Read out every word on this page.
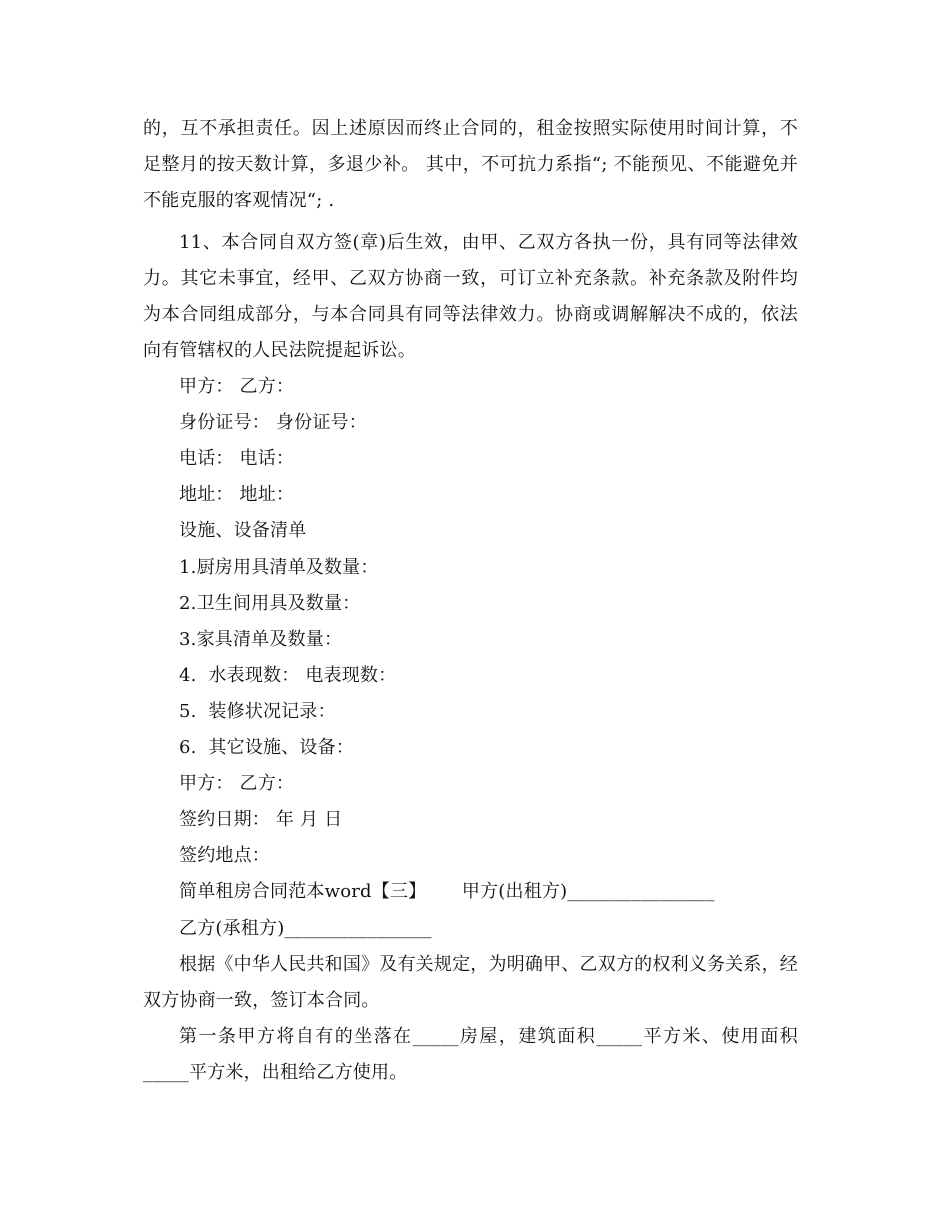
的，互不承担责任。因上述原因而终止合同的，租金按照实际使用时间计算，不足整月的按天数计算，多退少补。 其中，不可抗力系指“; 不能预见、不能避免并不能克服的客观情况“; .

11、本合同自双方签(章)后生效，由甲、乙双方各执一份，具有同等法律效力。其它未事宜，经甲、乙双方协商一致，可订立补充条款。补充条款及附件均为本合同组成部分，与本合同具有同等法律效力。协商或调解解决不成的，依法向有管辖权的人民法院提起诉讼。

甲方： 乙方：

身份证号： 身份证号：

电话： 电话：

地址： 地址：

设施、设备清单

1.厨房用具清单及数量：

2.卫生间用具及数量：

3.家具清单及数量：

4.  水表现数： 电表现数：

5.  装修状况记录：

6.  其它设施、设备：

甲方： 乙方：

签约日期： 年 月 日

签约地点：

简单租房合同范本word【三】      甲方(出租方)________________

乙方(承租方)________________

根据《中华人民共和国》及有关规定，为明确甲、乙双方的权利义务关系，经双方协商一致，签订本合同。

第一条甲方将自有的坐落在_____房屋，建筑面积_____平方米、使用面积_____平方米，出租给乙方使用。
